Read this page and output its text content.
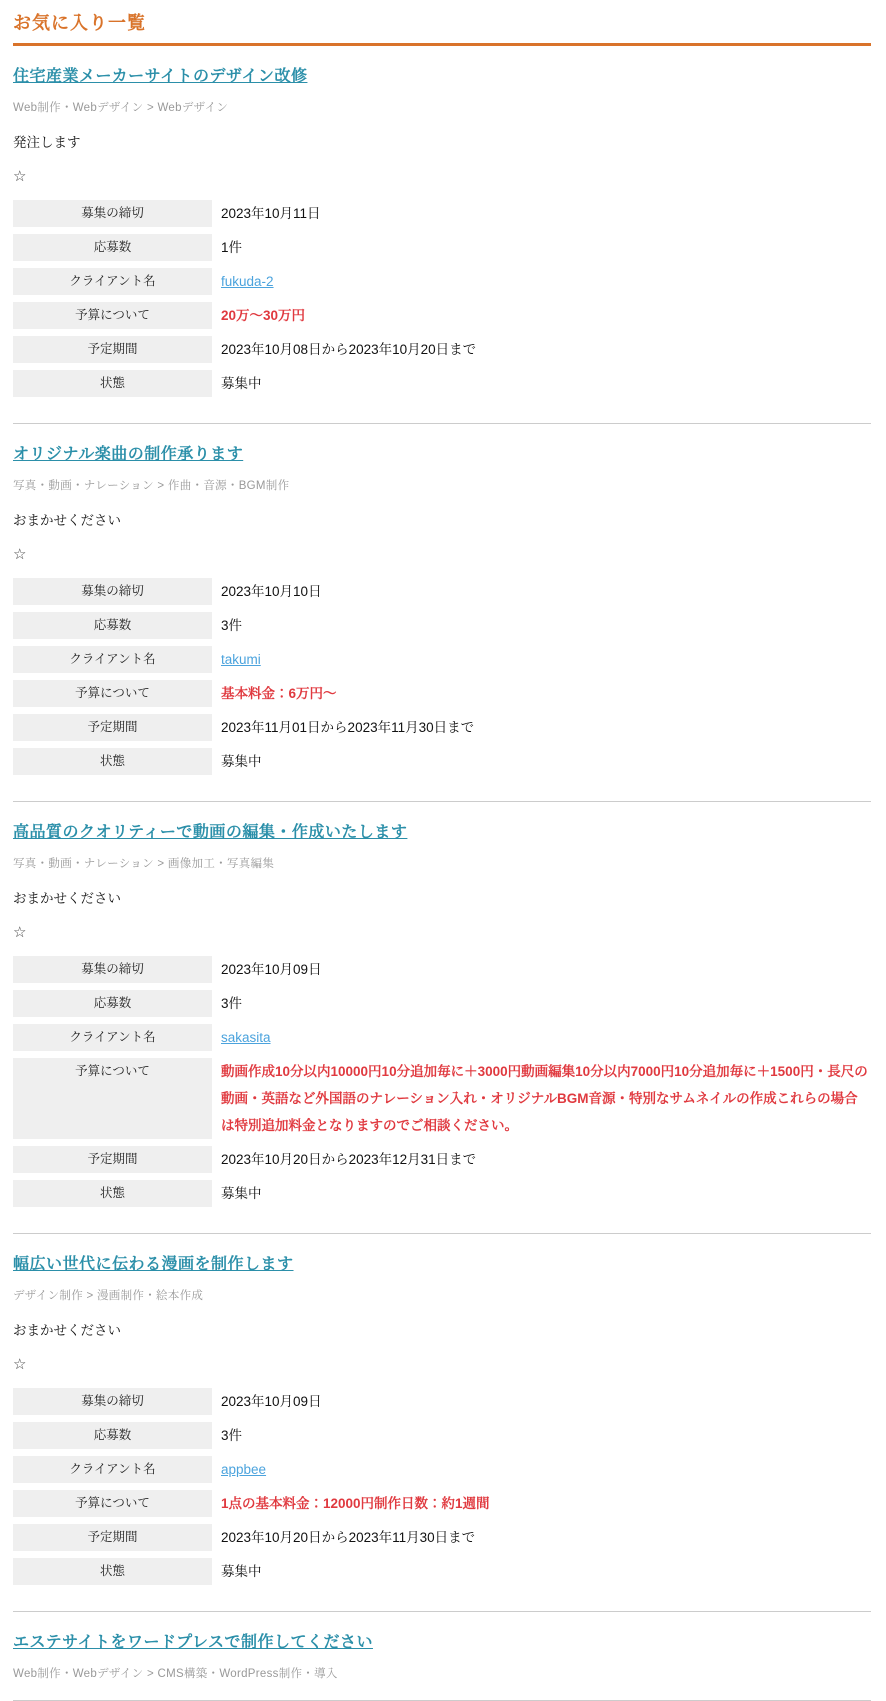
お気に入り一覧
住宅産業メーカーサイトのデザイン改修
Web制作・Webデザイン > Webデザイン

発注します

☆
募集の締切	2023年10月11日
応募数	1件
クライアント名	fukuda-2
予算について	20万〜30万円
予定期間	2023年10月08日から2023年10月20日まで
状態	募集中
オリジナル楽曲の制作承ります
写真・動画・ナレーション > 作曲・音源・BGM制作

おまかせください

☆
募集の締切	2023年10月10日
応募数	3件
クライアント名	takumi
予算について	基本料金：6万円〜
予定期間	2023年11月01日から2023年11月30日まで
状態	募集中
高品質のクオリティーで動画の編集・作成いたします
写真・動画・ナレーション > 画像加工・写真編集

おまかせください

☆
募集の締切	2023年10月09日
応募数	3件
クライアント名	sakasita
予算について	動画作成10分以内10000円10分追加毎に＋3000円動画編集10分以内7000円10分追加毎に＋1500円・長尺の動画・英語など外国語のナレーション入れ・オリジナルBGM音源・特別なサムネイルの作成これらの場合は特別追加料金となりますのでご相談ください。
予定期間	2023年10月20日から2023年12月31日まで
状態	募集中
幅広い世代に伝わる漫画を制作します
デザイン制作 > 漫画制作・絵本作成

おまかせください

☆
募集の締切	2023年10月09日
応募数	3件
クライアント名	appbee
予算について	1点の基本料金：12000円制作日数：約1週間
予定期間	2023年10月20日から2023年11月30日まで
状態	募集中
エステサイトをワードプレスで制作してください
Web制作・Webデザイン > CMS構築・WordPress制作・導入
